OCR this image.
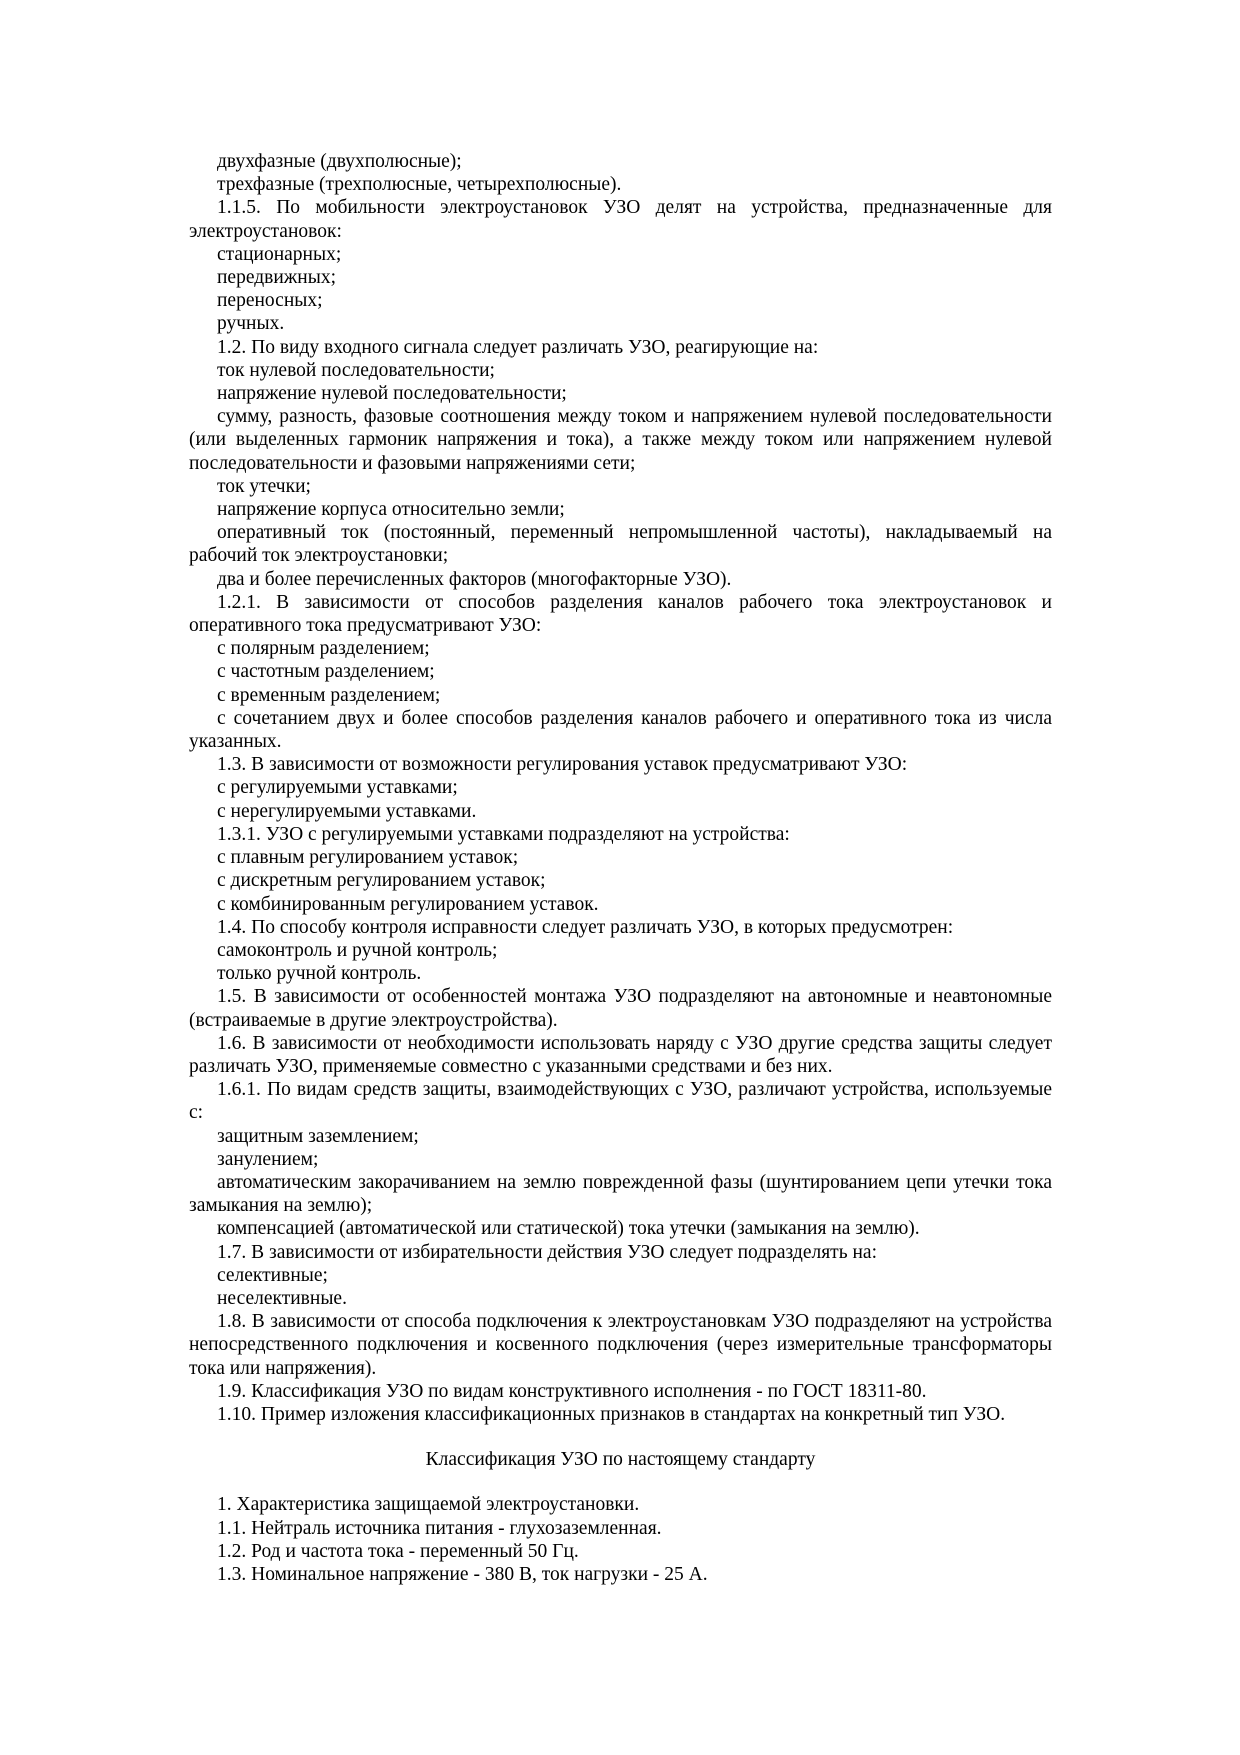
двухфазные (двухполюсные);

трехфазные (трехполюсные, четырехполюсные).

1.1.5. По мобильности электроустановок УЗО делят на устройства, предназначенные для электроустановок:

стационарных;

передвижных;

переносных;

ручных.

1.2. По виду входного сигнала следует различать УЗО, реагирующие на:

ток нулевой последовательности;

напряжение нулевой последовательности;

сумму, разность, фазовые соотношения между током и напряжением нулевой последовательности (или выделенных гармоник напряжения и тока), а также между током или напряжением нулевой последовательности и фазовыми напряжениями сети;

ток утечки;

напряжение корпуса относительно земли;

оперативный ток (постоянный, переменный непромышленной частоты), накладываемый на рабочий ток электроустановки;

два и более перечисленных факторов (многофакторные УЗО).

1.2.1. В зависимости от способов разделения каналов рабочего тока электроустановок и оперативного тока предусматривают УЗО:

с полярным разделением;

с частотным разделением;

с временным разделением;

с сочетанием двух и более способов разделения каналов рабочего и оперативного тока из числа указанных.

1.3. В зависимости от возможности регулирования уставок предусматривают УЗО:

с регулируемыми уставками;

с нерегулируемыми уставками.

1.3.1. УЗО с регулируемыми уставками подразделяют на устройства:

с плавным регулированием уставок;

с дискретным регулированием уставок;

с комбинированным регулированием уставок.

1.4. По способу контроля исправности следует различать УЗО, в которых предусмотрен:

самоконтроль и ручной контроль;

только ручной контроль.

1.5. В зависимости от особенностей монтажа УЗО подразделяют на автономные и неавтономные (встраиваемые в другие электроустройства).

1.6. В зависимости от необходимости использовать наряду с УЗО другие средства защиты следует различать УЗО, применяемые совместно с указанными средствами и без них.

1.6.1. По видам средств защиты, взаимодействующих с УЗО, различают устройства, используемые с:

защитным заземлением;

занулением;

автоматическим закорачиванием на землю поврежденной фазы (шунтированием цепи утечки тока замыкания на землю);

компенсацией (автоматической или статической) тока утечки (замыкания на землю).

1.7. В зависимости от избирательности действия УЗО следует подразделять на:

селективные;

неселективные.

1.8. В зависимости от способа подключения к электроустановкам УЗО подразделяют на устройства непосредственного подключения и косвенного подключения (через измерительные трансформаторы тока или напряжения).

1.9. Классификация УЗО по видам конструктивного исполнения - по ГОСТ 18311-80.

1.10. Пример изложения классификационных признаков в стандартах на конкретный тип УЗО.

Классификация УЗО по настоящему стандарту

1. Характеристика защищаемой электроустановки.

1.1. Нейтраль источника питания - глухозаземленная.

1.2. Род и частота тока - переменный 50 Гц.

1.3. Номинальное напряжение - 380 В, ток нагрузки - 25 А.
